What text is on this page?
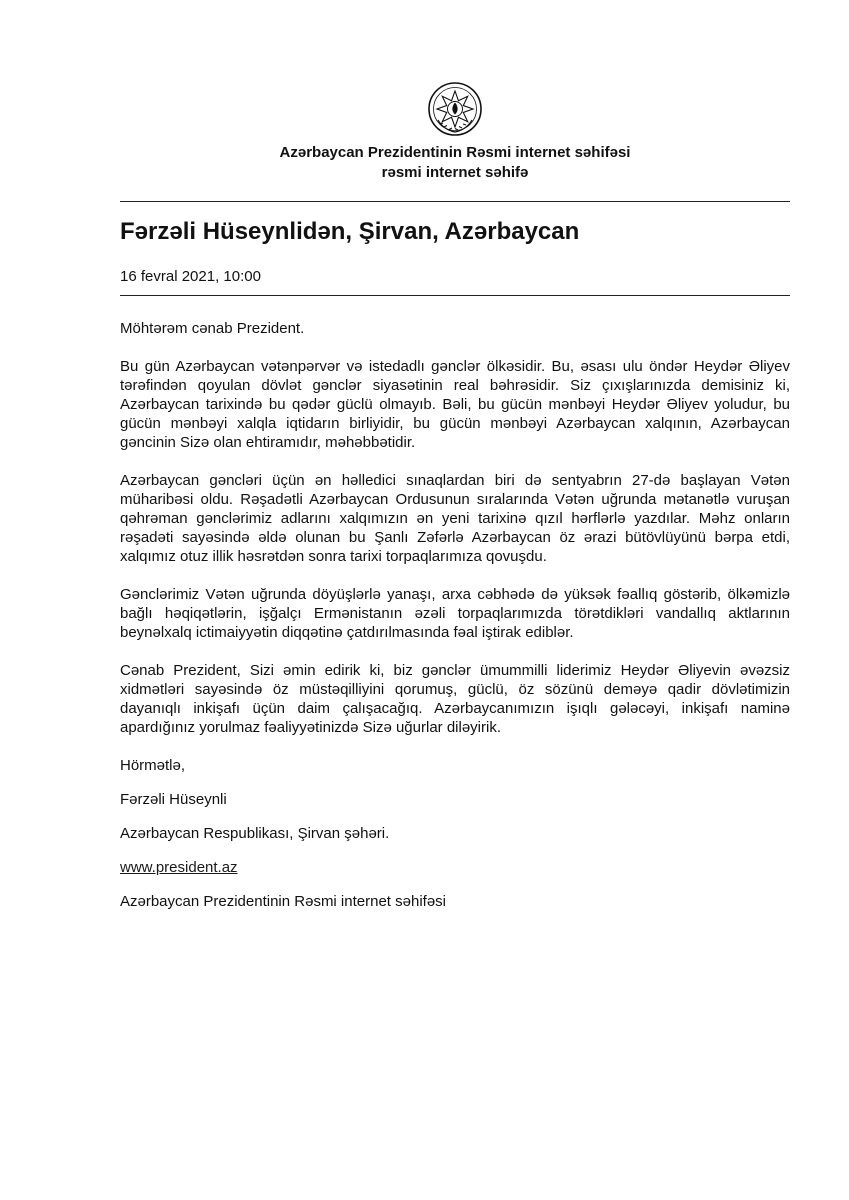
Azərbaycan Prezidentinin Rəsmi internet səhifəsi
rəsmi internet səhifə
Fərzəli Hüseynlidən, Şirvan, Azərbaycan
16 fevral 2021, 10:00

Möhtərəm cənab Prezident.

Bu gün Azərbaycan vətənpərvər və istedadlı gənclər ölkəsidir. Bu, əsası ulu öndər Heydər Əliyev tərəfindən qoyulan dövlət gənclər siyasətinin real bəhrəsidir. Siz çıxışlarınızda demisiniz ki, Azərbaycan tarixində bu qədər güclü olmayıb. Bəli, bu gücün mənbəyi Heydər Əliyev yoludur, bu gücün mənbəyi xalqla iqtidarın birliyidir, bu gücün mənbəyi Azərbaycan xalqının, Azərbaycan gəncinin Sizə olan ehtiramıdır, məhəbbətidir.

Azərbaycan gəncləri üçün ən həlledici sınaqlardan biri də sentyabrın 27-də başlayan Vətən müharibəsi oldu. Rəşadətli Azərbaycan Ordusunun sıralarında Vətən uğrunda mətanətlə vuruşan qəhrəman gənclərimiz adlarını xalqımızın ən yeni tarixinə qızıl hərflərlə yazdılar. Məhz onların rəşadəti sayəsində əldə olunan bu Şanlı Zəfərlə Azərbaycan öz ərazi bütövlüyünü bərpa etdi, xalqımız otuz illik həsrətdən sonra tarixi torpaqlarımıza qovuşdu.

Gənclərimiz Vətən uğrunda döyüşlərlə yanaşı, arxa cəbhədə də yüksək fəallıq göstərib, ölkəmizlə bağlı həqiqətlərin, işğalçı Ermənistanın əzəli torpaqlarımızda törətdikləri vandallıq aktlarının beynəlxalq ictimaiyyətin diqqətinə çatdırılmasında fəal iştirak ediblər.

Cənab Prezident, Sizi əmin edirik ki, biz gənclər ümummilli liderimiz Heydər Əliyevin əvəzsiz xidmətləri sayəsində öz müstəqilliyini qorumuş, güclü, öz sözünü deməyə qadir dövlətimizin dayanıqlı inkişafı üçün daim çalışacağıq. Azərbaycanımızın işıqlı gələcəyi, inkişafı naminə apardığınız yorulmaz fəaliyyətinizdə Sizə uğurlar diləyirik.

Hörmətlə,

Fərzəli Hüseynli

Azərbaycan Respublikası, Şirvan şəhəri.

www.president.az

Azərbaycan Prezidentinin Rəsmi internet səhifəsi
